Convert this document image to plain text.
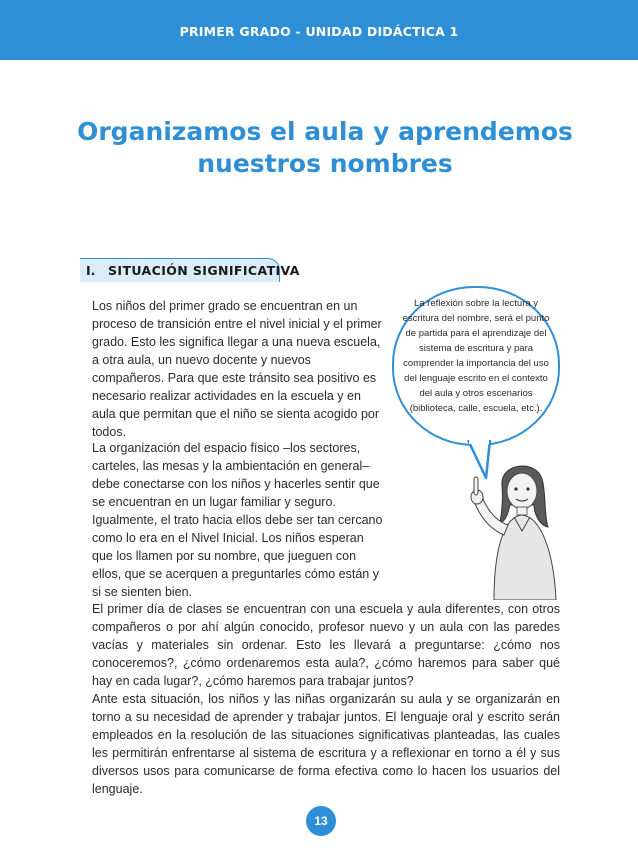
PRIMER GRADO - UNIDAD DIDÁCTICA 1
Organizamos el aula y aprendemos
nuestros nombres
I. SITUACIÓN SIGNIFICATIVA

Los niños del primer grado se encuentran en un proceso de transición entre el nivel inicial y el primer grado. Esto les significa llegar a una nueva escuela, a otra aula, un nuevo docente y nuevos compañeros. Para que este tránsito sea positivo es necesario realizar actividades en la escuela y en aula que permitan que el niño se sienta acogido por todos.

La organización del espacio físico –los sectores, carteles, las mesas y la ambientación en general– debe conectarse con los niños y hacerles sentir que se encuentran en un lugar familiar y seguro. Igualmente, el trato hacia ellos debe ser tan cercano como lo era en el Nivel Inicial. Los niños esperan que los llamen por su nombre, que jueguen con ellos, que se acerquen a preguntarles cómo están y si se sienten bien.

El primer día de clases se encuentran con una escuela y aula diferentes, con otros compañeros o por ahí algún conocido, profesor nuevo y un aula con las paredes vacías y materiales sin ordenar. Esto les llevará a preguntarse: ¿cómo nos conoceremos?, ¿cómo ordenaremos esta aula?, ¿cómo haremos para saber qué hay en cada lugar?, ¿cómo haremos para trabajar juntos?

Ante esta situación, los niños y las niñas organizarán su aula y se organizarán en torno a su necesidad de aprender y trabajar juntos. El lenguaje oral y escrito serán empleados en la resolución de las situaciones significativas planteadas, las cuales les permitirán enfrentarse al sistema de escritura y a reflexionar en torno a él y sus diversos usos para comunicarse de forma efectiva como lo hacen los usuarios del lenguaje.

La reflexión sobre la lectura y escritura del nombre, será el punto de partida para el aprendizaje del sistema de escritura y para comprender la importancia del uso del lenguaje escrito en el contexto del aula y otros escenarios (biblioteca, calle, escuela, etc.).
13
